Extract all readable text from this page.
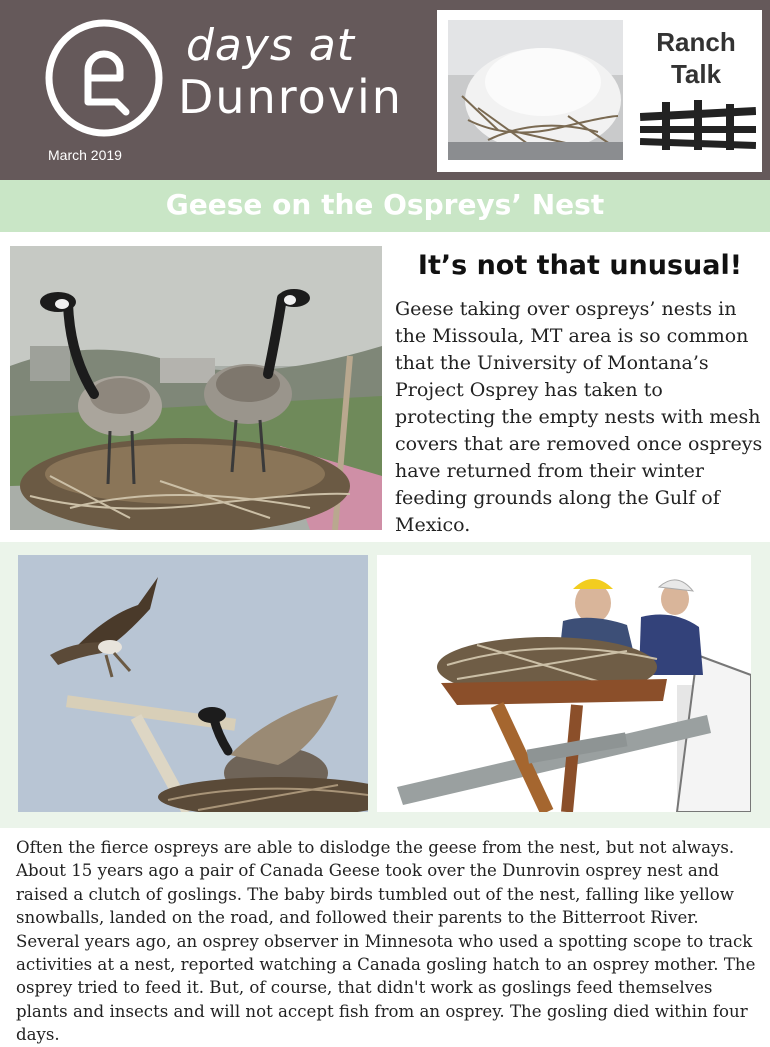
days at
Dunrovin
March 2019
Ranch
Talk
Geese on the Ospreys’ Nest
It’s not that unusual!

Geese taking over ospreys’ nests in the Missoula, MT area is so common that the University of Montana’s Project Osprey has taken to protecting the empty nests with mesh covers that are removed once ospreys have returned from their winter feeding grounds along the Gulf of Mexico.

Often the fierce ospreys are able to dislodge the geese from the nest, but not always. About 15 years ago a pair of Canada Geese took over the Dunrovin osprey nest and raised a clutch of goslings. The baby birds tumbled out of the nest, falling like yellow snowballs, landed on the road, and followed their parents to the Bitterroot River. Several years ago, an osprey observer in Minnesota who used a spotting scope to track activities at a nest, reported watching a Canada gosling hatch to an osprey mother. The osprey tried to feed it. But, of course, that didn't work as goslings feed themselves plants and insects and will not accept fish from an osprey. The gosling died within four days.
